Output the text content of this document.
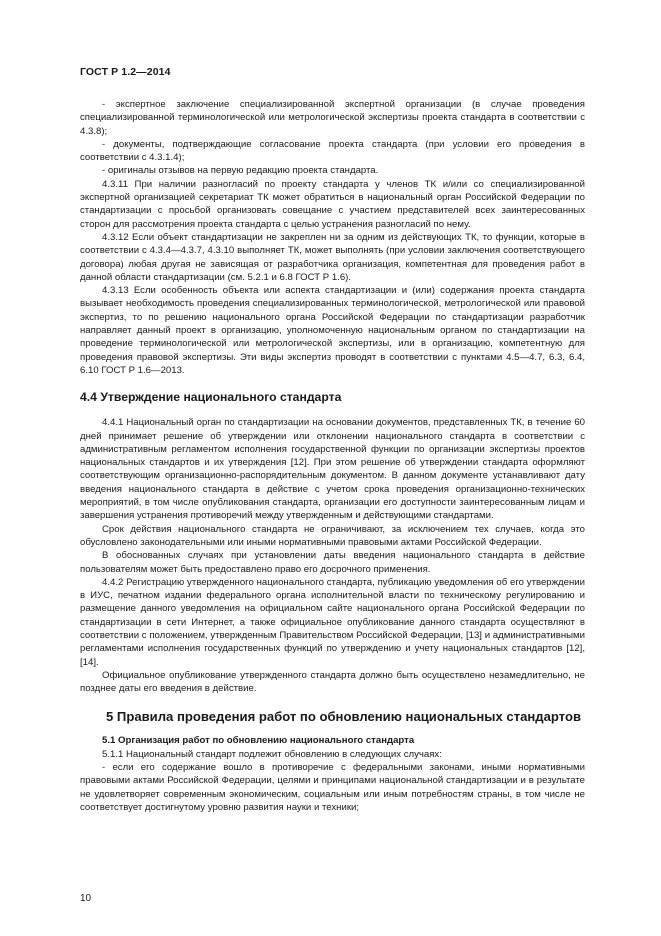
ГОСТ Р 1.2—2014

- экспертное заключение специализированной экспертной организации (в случае проведения специализированной терминологической или метрологической экспертизы проекта стандарта в соответствии с 4.3.8);

- документы, подтверждающие согласование проекта стандарта (при условии его проведения в соответствии с 4.3.1.4);

- оригиналы отзывов на первую редакцию проекта стандарта.

4.3.11 При наличии разногласий по проекту стандарта у членов ТК и/или со специализированной экспертной организацией секретариат ТК может обратиться в национальный орган Российской Федерации по стандартизации с просьбой организовать совещание с участием представителей всех заинтересованных сторон для рассмотрения проекта стандарта с целью устранения разногласий по нему.

4.3.12 Если объект стандартизации не закреплен ни за одним из действующих ТК, то функции, которые в соответствии с 4.3.4—4.3.7, 4.3.10 выполняет ТК, может выполнять (при условии заключения соответствующего договора) любая другая не зависящая от разработчика организация, компетентная для проведения работ в данной области стандартизации (см. 5.2.1 и 6.8 ГОСТ Р 1.6).

4.3.13 Если особенность объекта или аспекта стандартизации и (или) содержания проекта стандарта вызывает необходимость проведения специализированных терминологической, метрологической или правовой экспертиз, то по решению национального органа Российской Федерации по стандартизации разработчик направляет данный проект в организацию, уполномоченную национальным органом по стандартизации на проведение терминологической или метрологической экспертизы, или в организацию, компетентную для проведения правовой экспертизы. Эти виды экспертиз проводят в соответствии с пунктами 4.5—4.7, 6.3, 6.4, 6.10 ГОСТ Р 1.6—2013.

4.4 Утверждение национального стандарта

4.4.1 Национальный орган по стандартизации на основании документов, представленных ТК, в течение 60 дней принимает решение об утверждении или отклонении национального стандарта в соответствии с административным регламентом исполнения государственной функции по организации экспертизы проектов национальных стандартов и их утверждения [12]. При этом решение об утверждении стандарта оформляют соответствующим организационно-распорядительным документом. В данном документе устанавливают дату введения национального стандарта в действие с учетом срока проведения организационно-технических мероприятий, в том числе опубликования стандарта, организации его доступности заинтересованным лицам и завершения устранения противоречий между утвержденным и действующими стандартами.

Срок действия национального стандарта не ограничивают, за исключением тех случаев, когда это обусловлено законодательными или иными нормативными правовыми актами Российской Федерации.

В обоснованных случаях при установлении даты введения национального стандарта в действие пользователям может быть предоставлено право его досрочного применения.

4.4.2 Регистрацию утвержденного национального стандарта, публикацию уведомления об его утверждении в ИУС, печатном издании федерального органа исполнительной власти по техническому регулированию и размещение данного уведомления на официальном сайте национального органа Российской Федерации по стандартизации в сети Интернет, а также официальное опубликование данного стандарта осуществляют в соответствии с положением, утвержденным Правительством Российской Федерации, [13] и административными регламентами исполнения государственных функций по утверждению и учету национальных стандартов [12], [14].

Официальное опубликование утвержденного стандарта должно быть осуществлено незамедлительно, не позднее даты его введения в действие.

5 Правила проведения работ по обновлению национальных стандартов
5.1 Организация работ по обновлению национального стандарта

5.1.1 Национальный стандарт подлежит обновлению в следующих случаях:

- если его содержание вошло в противоречие с федеральными законами, иными нормативными правовыми актами Российской Федерации, целями и принципами национальной стандартизации и в результате не удовлетворяет современным экономическим, социальным или иным потребностям страны, в том числе не соответствует достигнутому уровню развития науки и техники;

10
